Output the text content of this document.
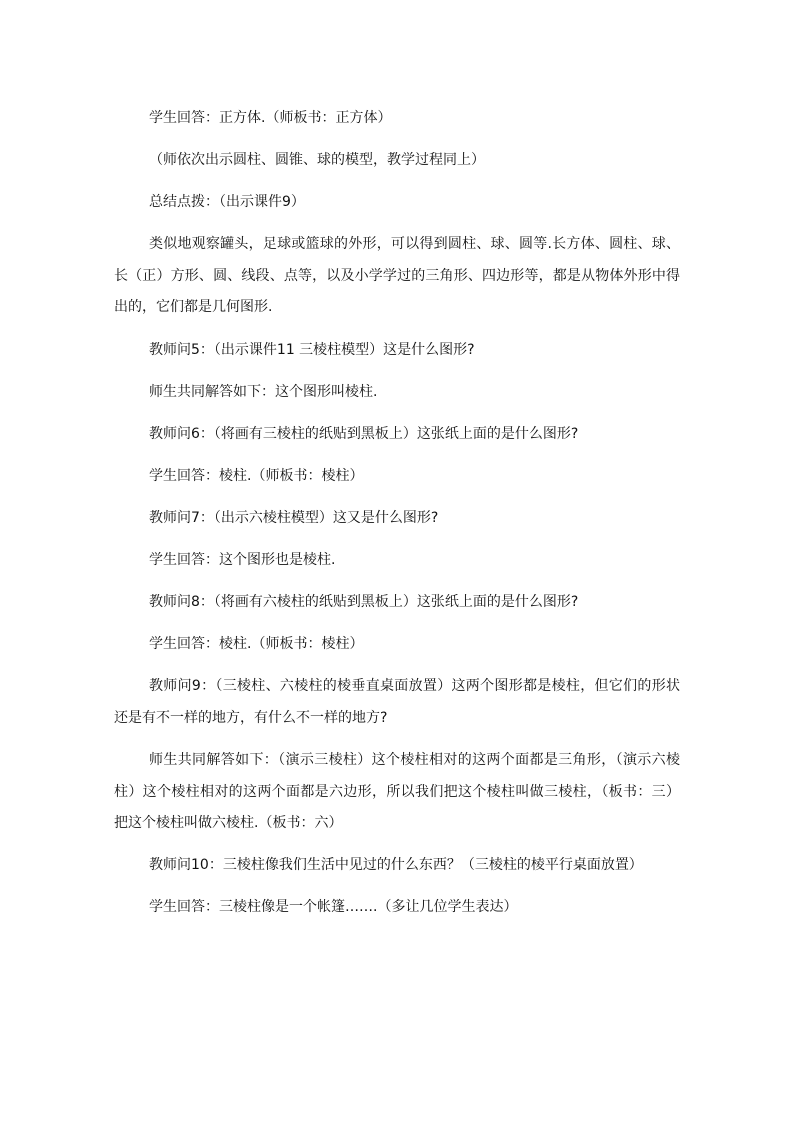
学生回答：正方体.（师板书：正方体）

（师依次出示圆柱、圆锥、球的模型，教学过程同上）

总结点拨：（出示课件9）

类似地观察罐头，足球或篮球的外形，可以得到圆柱、球、圆等.长方体、圆柱、球、长（正）方形、圆、线段、点等，以及小学学过的三角形、四边形等，都是从物体外形中得出的，它们都是几何图形.

教师问5：（出示课件11 三棱柱模型）这是什么图形?

师生共同解答如下：这个图形叫棱柱.

教师问6：（将画有三棱柱的纸贴到黑板上）这张纸上面的是什么图形?

学生回答：棱柱.（师板书：棱柱）

教师问7：（出示六棱柱模型）这又是什么图形?

学生回答：这个图形也是棱柱.

教师问8：（将画有六棱柱的纸贴到黑板上）这张纸上面的是什么图形?

学生回答：棱柱.（师板书：棱柱）

教师问9：（三棱柱、六棱柱的棱垂直桌面放置）这两个图形都是棱柱，但它们的形状还是有不一样的地方，有什么不一样的地方?

师生共同解答如下：（演示三棱柱）这个棱柱相对的这两个面都是三角形，（演示六棱柱）这个棱柱相对的这两个面都是六边形，所以我们把这个棱柱叫做三棱柱，（板书：三）把这个棱柱叫做六棱柱.（板书：六）

教师问10：三棱柱像我们生活中见过的什么东西？（三棱柱的棱平行桌面放置）

学生回答：三棱柱像是一个帐篷…….（多让几位学生表达）
